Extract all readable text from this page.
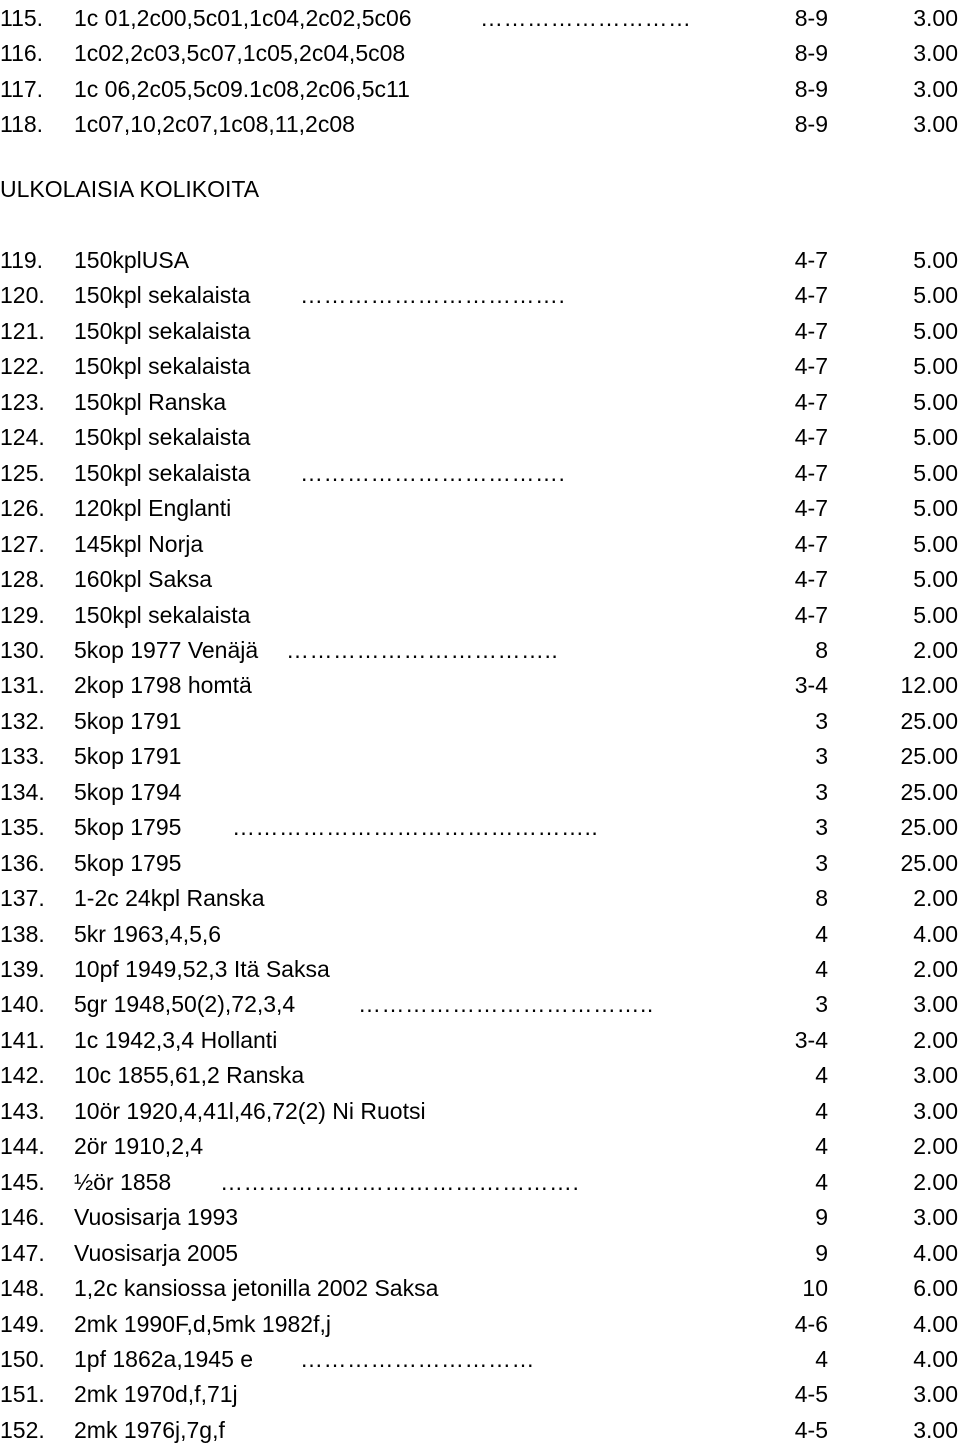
ULKOLAISIA KOLIKOITA
115.	1c 01,2c00,5c01,1c04,2c02,5c06	………………………	8-9	3.00
116.	1c02,2c03,5c07,1c05,2c04,5c08	8-9	3.00
117.	1c 06,2c05,5c09.1c08,2c06,5c11	8-9	3.00
118.	1c07,10,2c07,1c08,11,2c08	8-9	3.00
119.	150kplUSA	4-7	5.00
120.	150kpl sekalaista …………………………….	4-7	5.00
121.	150kpl sekalaista	4-7	5.00
122.	150kpl sekalaista	4-7	5.00
123.	150kpl Ranska	4-7	5.00
124.	150kpl sekalaista	4-7	5.00
125.	150kpl sekalaista …………………………….	4-7	5.00
126.	120kpl Englanti	4-7	5.00
127.	145kpl Norja	4-7	5.00
128.	160kpl Saksa	4-7	5.00
129.	150kpl sekalaista	4-7	5.00
130.	5kop 1977 Venäjä ……………………………..	8	2.00
131.	2kop 1798 homtä	3-4	12.00
132.	5kop 1791	3	25.00
133.	5kop 1791	3	25.00
134.	5kop 1794	3	25.00
135.	5kop 1795 ………………………………………..	3	25.00
136.	5kop 1795	3	25.00
137.	1-2c 24kpl Ranska	8	2.00
138.	5kr 1963,4,5,6	4	4.00
139.	10pf 1949,52,3 Itä Saksa	4	2.00
140.	5gr 1948,50(2),72,3,4	………………………………..	3	3.00
141.	1c 1942,3,4 Hollanti	3-4	2.00
142.	10c 1855,61,2 Ranska	4	3.00
143.	10ör 1920,4,41l,46,72(2) Ni Ruotsi	4	3.00
144.	2ör 1910,2,4	4	2.00
145.	½ör 1858 ……………………………………….	4	2.00
146.	Vuosisarja 1993	9	3.00
147.	Vuosisarja 2005	9	4.00
148.	1,2c kansiossa jetonilla 2002 Saksa	10	6.00
149.	2mk 1990F,d,5mk 1982f,j	4-6	4.00
150.	1pf 1862a,1945 e …………………………	4	4.00
151.	2mk 1970d,f,71j	4-5	3.00
152.	2mk 1976j,7g,f	4-5	3.00
